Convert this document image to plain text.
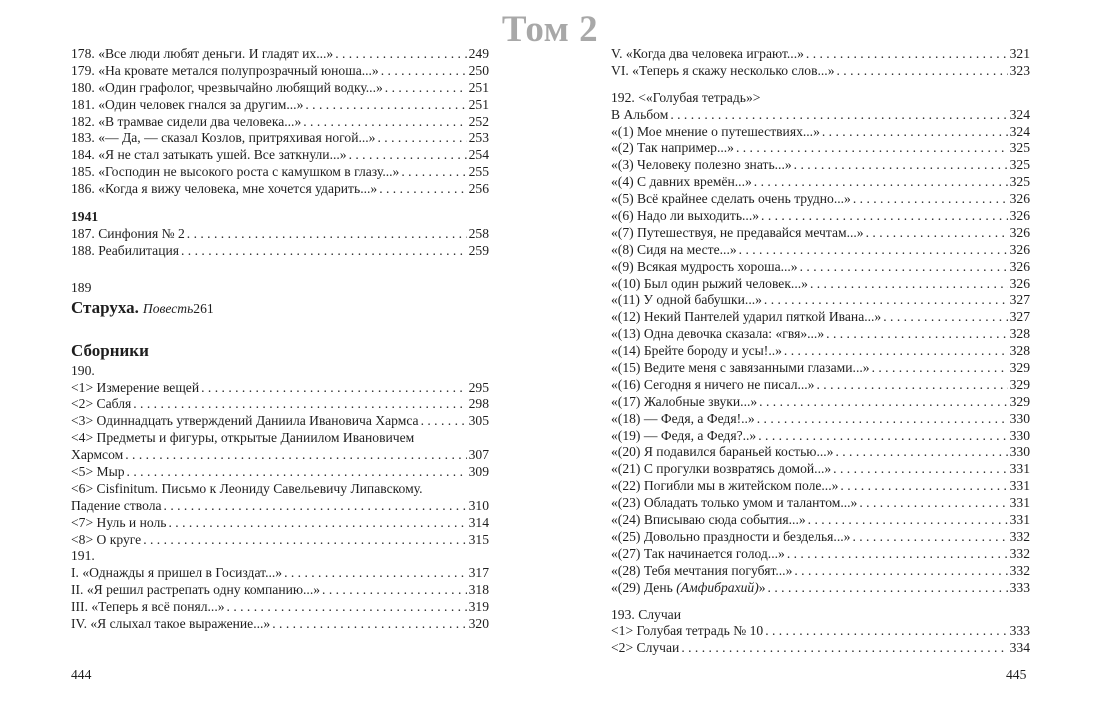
Том 2
178. «Все люди любят деньги. И гладят их...» . . .	249
179. «На кровате метался полупрозрачный юноша...» . . .	250
180. «Один графолог, чрезвычайно любящий водку...» . . .	251
181. «Один человек гнался за другим...» . . .	251
182. «В трамвае сидели два человека...» . . .	252
183. «— Да, — сказал Козлов, притряхивая ногой...» . . .	253
184. «Я не стал затыкать ушей. Все заткнули...» . . .	254
185. «Господин не высокого роста с камушком в глазу...» . . .	255
186. «Когда я вижу человека, мне хочется ударить...» . . .	256
1941
187. Синфония № 2 . . .	258
188. Реабилитация . . .	259
189
Старуха. Повесть 261
Сборники
190.
<1> Измерение вещей . . .	295
<2> Сабля . . .	298
<3> Одиннадцать утверждений Даниила Ивановича Хармса . . .	305
<4> Предметы и фигуры, открытые Даниилом Ивановичем
Хармсом . . .	307
<5> Мыр . . .	309
<6> Cisfinitum. Письмо к Леониду Савельевичу Липавскому.
Падение ствола . . .	310
<7> Нуль и ноль . . .	314
<8> О круге . . .	315
191.
I. «Однажды я пришел в Госиздат...» . . .	317
II. «Я решил растрепать одну компанию...» . . .	318
III. «Теперь я всё понял...» . . .	319
IV. «Я слыхал такое выражение...» . . .	320
V. «Когда два человека играют...» . . .	321
VI. «Теперь я скажу несколько слов...» . . .	323
192. <«Голубая тетрадь»>
В Альбом . . .	324
«(1) Мое мнение о путешествиях...» . . .	324
«(2) Так например...» . . .	325
«(3) Человеку полезно знать...» . . .	325
«(4) С давних времён...» . . .	325
«(5) Всё крайнее сделать очень трудно...» . . .	326
«(6) Надо ли выходить...» . . .	326
«(7) Путешествуя, не предавайся мечтам...» . . .	326
«(8) Сидя на месте...» . . .	326
«(9) Всякая мудрость хороша...» . . .	326
«(10) Был один рыжий человек...» . . .	326
«(11) У одной бабушки...» . . .	327
«(12) Некий Пантелей ударил пяткой Ивана...» . . .	327
«(13) Одна девочка сказала: «гвя»...» . . .	328
«(14) Брейте бороду и усы!..» . . .	328
«(15) Ведите меня с завязанными глазами...» . . .	329
«(16) Сегодня я ничего не писал...» . . .	329
«(17) Жалобные звуки...» . . .	329
«(18) — Федя, а Федя!..» . . .	330
«(19) — Федя, а Федя?..» . . .	330
«(20) Я подавился бараньей костью...» . . .	330
«(21) С прогулки возвратясь домой...» . . .	331
«(22) Погибли мы в житейском поле...» . . .	331
«(23) Обладать только умом и талантом...» . . .	331
«(24) Вписываю сюда события...» . . .	331
«(25) Довольно праздности и безделья...» . . .	332
«(27) Так начинается голод...» . . .	332
«(28) Тебя мечтания погубят...» . . .	332
«(29) День (Амфибрахий)» . . .	333
193. Случаи
<1> Голубая тетрадь № 10 . . .	333
<2> Случаи . . .	334
444	445
